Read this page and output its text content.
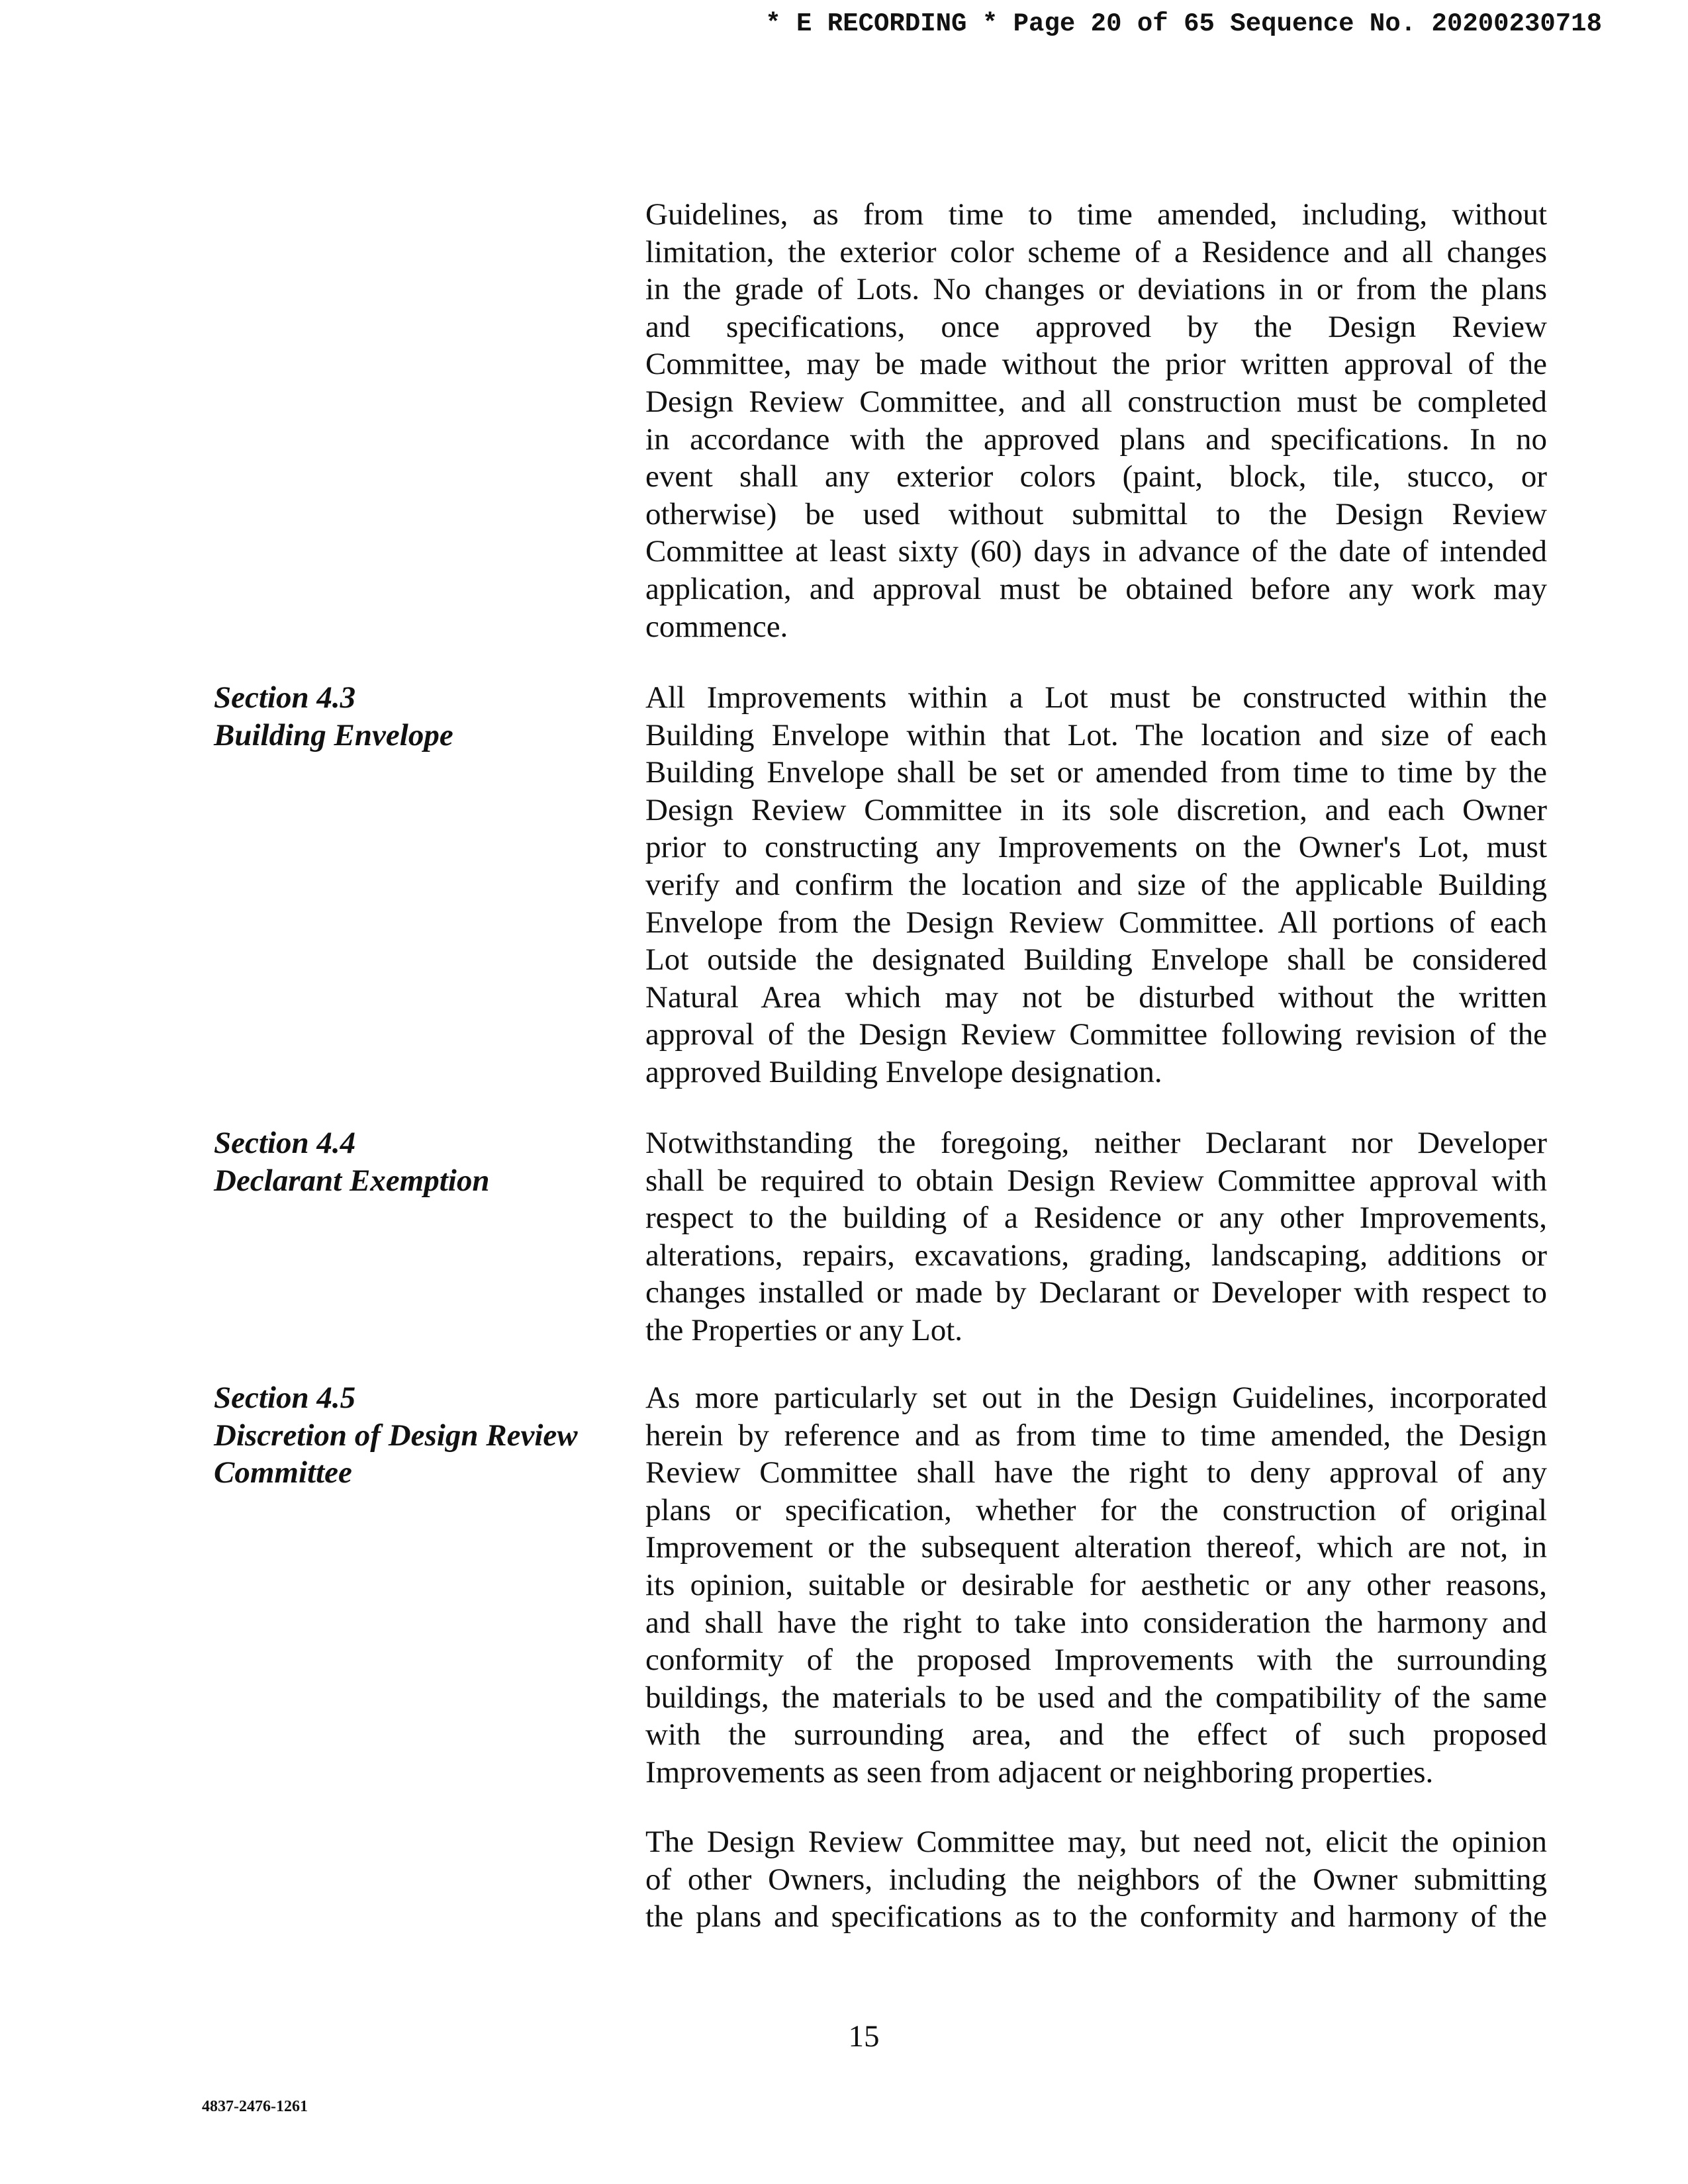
* E RECORDING * Page 20 of 65 Sequence No. 20200230718
Section 4.3
Building Envelope
Section 4.4
Declarant Exemption
Section 4.5
Discretion of Design Review
Committee
Guidelines, as from time to time amended, including, without
limitation, the exterior color scheme of a Residence and all changes
in the grade of Lots. No changes or deviations in or from the plans
and specifications, once approved by the Design Review
Committee, may be made without the prior written approval of the
Design Review Committee, and all construction must be completed
in accordance with the approved plans and specifications. In no
event shall any exterior colors (paint, block, tile, stucco, or
otherwise) be used without submittal to the Design Review
Committee at least sixty (60) days in advance of the date of intended
application, and approval must be obtained before any work may
commence.
All Improvements within a Lot must be constructed within the
Building Envelope within that Lot. The location and size of each
Building Envelope shall be set or amended from time to time by the
Design Review Committee in its sole discretion, and each Owner
prior to constructing any Improvements on the Owner's Lot, must
verify and confirm the location and size of the applicable Building
Envelope from the Design Review Committee. All portions of each
Lot outside the designated Building Envelope shall be considered
Natural Area which may not be disturbed without the written
approval of the Design Review Committee following revision of the
approved Building Envelope designation.
Notwithstanding the foregoing, neither Declarant nor Developer
shall be required to obtain Design Review Committee approval with
respect to the building of a Residence or any other Improvements,
alterations, repairs, excavations, grading, landscaping, additions or
changes installed or made by Declarant or Developer with respect to
the Properties or any Lot.
As more particularly set out in the Design Guidelines, incorporated
herein by reference and as from time to time amended, the Design
Review Committee shall have the right to deny approval of any
plans or specification, whether for the construction of original
Improvement or the subsequent alteration thereof, which are not, in
its opinion, suitable or desirable for aesthetic or any other reasons,
and shall have the right to take into consideration the harmony and
conformity of the proposed Improvements with the surrounding
buildings, the materials to be used and the compatibility of the same
with the surrounding area, and the effect of such proposed
Improvements as seen from adjacent or neighboring properties.
The Design Review Committee may, but need not, elicit the opinion
of other Owners, including the neighbors of the Owner submitting
the plans and specifications as to the conformity and harmony of the
15
4837-2476-1261
